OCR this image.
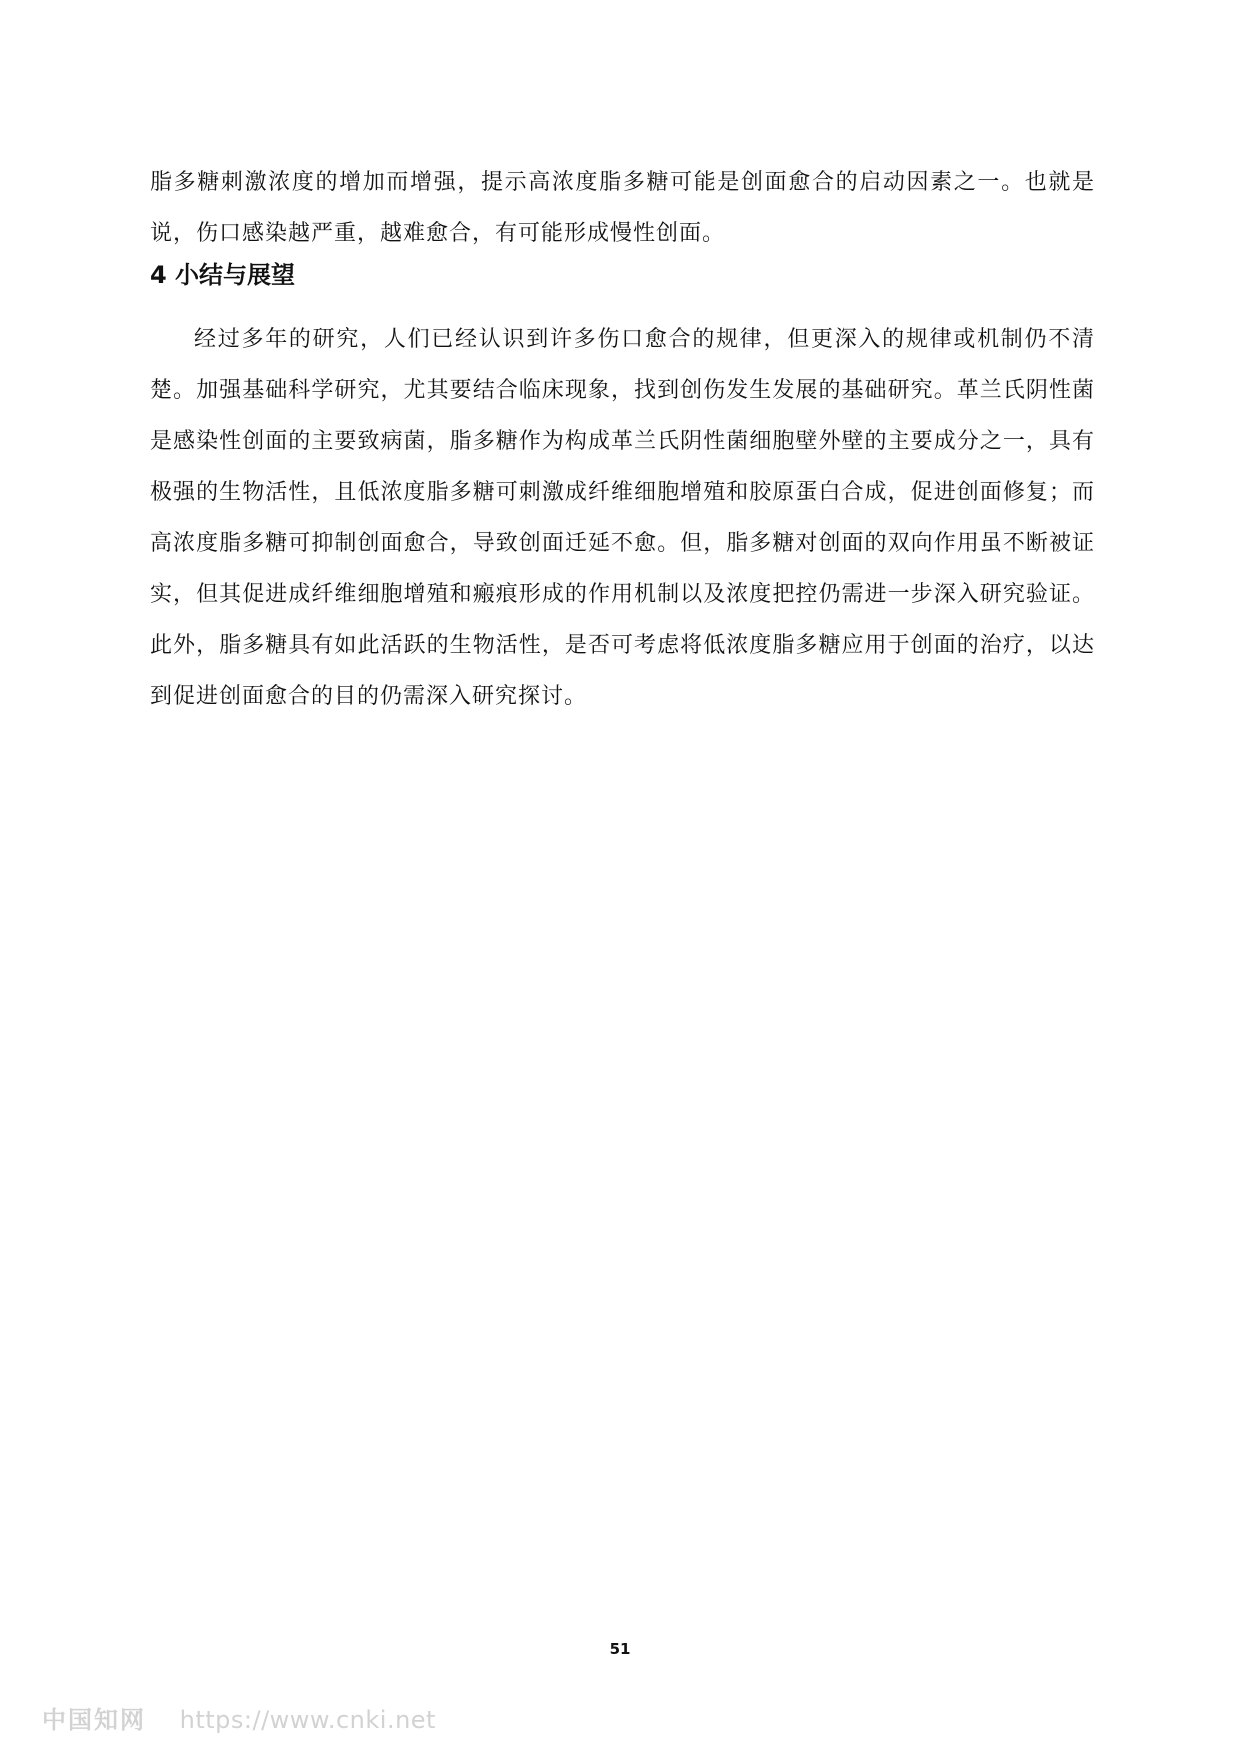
脂多糖刺激浓度的增加而增强，提示高浓度脂多糖可能是创面愈合的启动因素之一。也就是说，伤口感染越严重，越难愈合，有可能形成慢性创面。

4 小结与展望

经过多年的研究，人们已经认识到许多伤口愈合的规律，但更深入的规律或机制仍不清楚。加强基础科学研究，尤其要结合临床现象，找到创伤发生发展的基础研究。革兰氏阴性菌是感染性创面的主要致病菌，脂多糖作为构成革兰氏阴性菌细胞壁外壁的主要成分之一，具有极强的生物活性，且低浓度脂多糖可刺激成纤维细胞增殖和胶原蛋白合成，促进创面修复；而高浓度脂多糖可抑制创面愈合，导致创面迁延不愈。但，脂多糖对创面的双向作用虽不断被证实，但其促进成纤维细胞增殖和瘢痕形成的作用机制以及浓度把控仍需进一步深入研究验证。此外，脂多糖具有如此活跃的生物活性，是否可考虑将低浓度脂多糖应用于创面的治疗，以达到促进创面愈合的目的仍需深入研究探讨。

51
中国知网 https://www.cnki.net
